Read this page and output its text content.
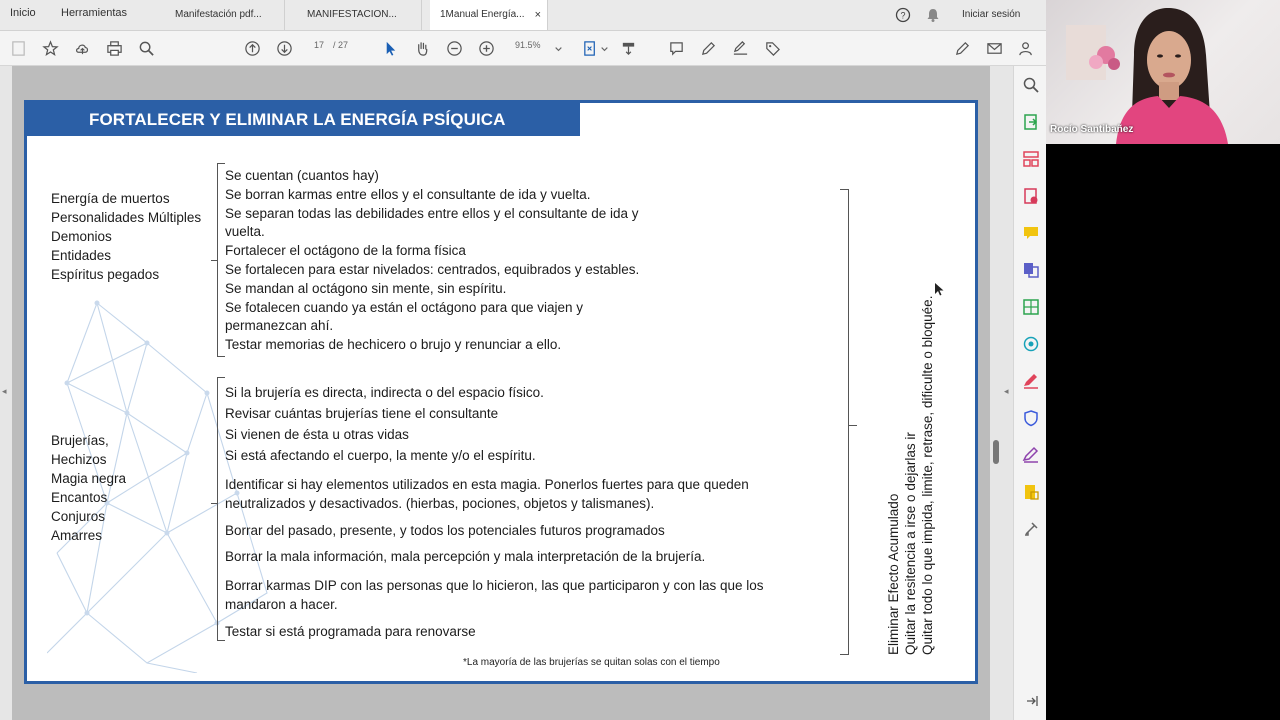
Inicio Herramientas	Manifestación pdf...	MANIFESTACION...	1Manual Energía... ×	?	Iniciar sesión
17 / 27	91.5%
◂
FORTALECER Y ELIMINAR LA ENERGÍA PSÍQUICA
Energía de muertos
Personalidades Múltiples
Demonios
Entidades
Espíritus pegados
Se cuentan (cuantos hay)
Se borran karmas entre ellos y el consultante de ida y vuelta.
Se separan todas las debilidades entre ellos y el consultante de ida y
vuelta.
Fortalecer el octágono de la forma física
Se fortalecen para estar nivelados: centrados, equibrados y estables.
Se mandan al octágono sin mente, sin espíritu.
Se fotalecen cuando ya están el octágono para que viajen y
permanezcan ahí.
Testar memorias de hechicero o brujo y renunciar a ello.
Brujerías,
Hechizos
Magia negra
Encantos
Conjuros
Amarres
Si la brujería es directa, indirecta o del espacio físico.
Revisar cuántas brujerías tiene el consultante
Si vienen de ésta u otras vidas
Si está afectando el cuerpo, la mente y/o el espíritu.
Identificar si hay elementos utilizados en esta magia. Ponerlos fuertes para que queden
neutralizados y desactivados. (hierbas, pociones, objetos y talismanes).
Borrar del pasado, presente, y todos los potenciales futuros programados
Borrar la mala información, mala percepción y mala interpretación de la brujería.
Borrar karmas DIP con las personas que lo hicieron, las que participaron y con las que los
mandaron a hacer.
Testar si está programada para renovarse	Eliminar Efecto Acumulado Quitar la resitencia a irse o dejarlas ir Quitar todo lo que impida, limite, retrase, dificulte o bloquée.
*La mayoría de las brujerías se quitan solas con el tiempo
◂
Rocío Santibañez
